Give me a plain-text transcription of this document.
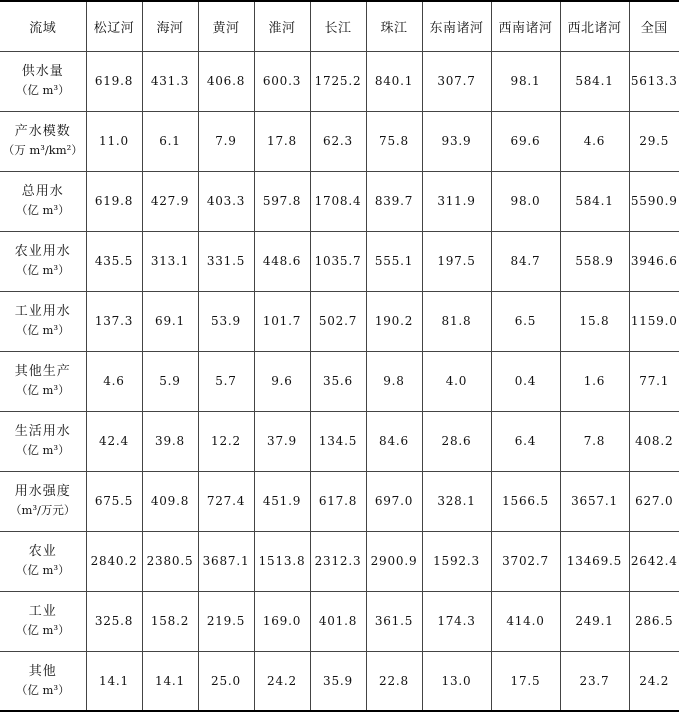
流域	松辽河	海河	黄河	淮河	长江	珠江	东南诸河	西南诸河	西北诸河	全国

供水量
（亿 m³）	619.8	431.3	406.8	600.3	1725.2	840.1	307.7	98.1	584.1	5613.3

产水模数
（万 m³/km²）	11.0	6.1	7.9	17.8	62.3	75.8	93.9	69.6	4.6	29.5

总用水
（亿 m³）	619.8	427.9	403.3	597.8	1708.4	839.7	311.9	98.0	584.1	5590.9

农业用水
（亿 m³）	435.5	313.1	331.5	448.6	1035.7	555.1	197.5	84.7	558.9	3946.6

工业用水
（亿 m³）	137.3	69.1	53.9	101.7	502.7	190.2	81.8	6.5	15.8	1159.0

其他生产
（亿 m³）	4.6	5.9	5.7	9.6	35.6	9.8	4.0	0.4	1.6	77.1

生活用水
（亿 m³）	42.4	39.8	12.2	37.9	134.5	84.6	28.6	6.4	7.8	408.2

用水强度
（m³/万元）	675.5	409.8	727.4	451.9	617.8	697.0	328.1	1566.5	3657.1	627.0

农业
（亿 m³）	2840.2	2380.5	3687.1	1513.8	2312.3	2900.9	1592.3	3702.7	13469.5	2642.4

工业
（亿 m³）	325.8	158.2	219.5	169.0	401.8	361.5	174.3	414.0	249.1	286.5

其他
（亿 m³）	14.1	14.1	25.0	24.2	35.9	22.8	13.0	17.5	23.7	24.2
